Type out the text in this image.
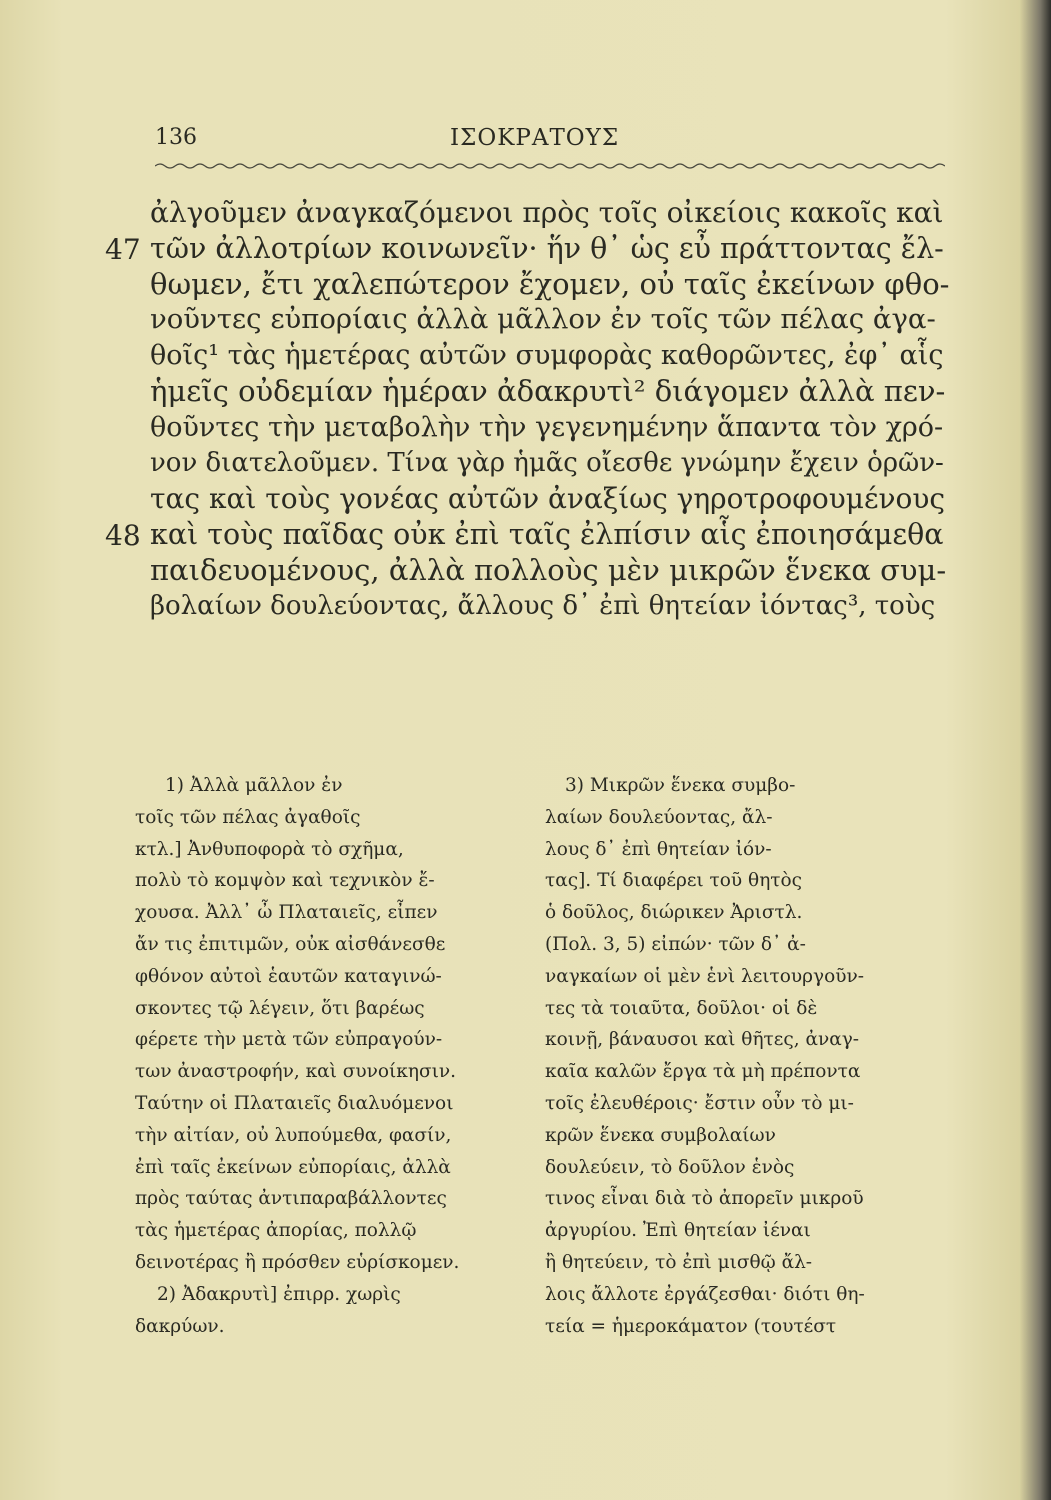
136	ΙΣΟΚΡΑΤΟΥΣ
47
48
ἀλγοῦμεν ἀναγκαζόμενοι πρὸς τοῖς οἰκείοις κακοῖς καὶ
τῶν ἀλλοτρίων κοινωνεῖν· ἥν θ᾽ ὡς εὖ πράττοντας ἔλ-
θωμεν, ἔτι χαλεπώτερον ἔχομεν, οὐ ταῖς ἐκείνων φθο-
νοῦντες εὐπορίαις ἀλλὰ μᾶλλον ἐν τοῖς τῶν πέλας ἀγα-
θοῖς¹ τὰς ἡμετέρας αὐτῶν συμφορὰς καθορῶντες, ἐφ᾽ αἷς
ἡμεῖς οὐδεμίαν ἡμέραν ἀδακρυτὶ² διάγομεν ἀλλὰ πεν-
θοῦντες τὴν μεταβολὴν τὴν γεγενημένην ἅπαντα τὸν χρό-
νον διατελοῦμεν. Τίνα γὰρ ἡμᾶς οἴεσθε γνώμην ἔχειν ὁρῶν-
τας καὶ τοὺς γονέας αὐτῶν ἀναξίως γηροτροφουμένους
καὶ τοὺς παῖδας οὐκ ἐπὶ ταῖς ἐλπίσιν αἷς ἐποιησάμεθα
παιδευομένους, ἀλλὰ πολλοὺς μὲν μικρῶν ἕνεκα συμ-
βολαίων δουλεύοντας, ἄλλους δ᾽ ἐπὶ θητείαν ἰόντας³, τοὺς
1) Ἀλλὰ μᾶλλον ἐν
τοῖς τῶν πέλας ἀγαθοῖς
κτλ.] Ἀνθυποφορὰ τὸ σχῆμα,
πολὺ τὸ κομψὸν καὶ τεχνικὸν ἔ-
χουσα. Ἀλλ᾽ ὦ Πλαταιεῖς, εἶπεν
ἄν τις ἐπιτιμῶν, οὐκ αἰσθάνεσθε
φθόνον αὐτοὶ ἑαυτῶν καταγινώ-
σκοντες τῷ λέγειν, ὅτι βαρέως
φέρετε τὴν μετὰ τῶν εὐπραγούν-
των ἀναστροφήν, καὶ συνοίκησιν.
Ταύτην οἱ Πλαταιεῖς διαλυόμενοι
τὴν αἰτίαν, οὐ λυπούμεθα, φασίν,
ἐπὶ ταῖς ἐκείνων εὐπορίαις, ἀλλὰ
πρὸς ταύτας ἀντιπαραβάλλοντες
τὰς ἡμετέρας ἀπορίας, πολλῷ
δεινοτέρας ἢ πρόσθεν εὑρίσκομεν.
2) Ἀδακρυτὶ] ἐπιρρ. χωρὶς
δακρύων.
3) Μικρῶν ἕνεκα συμβο-
λαίων δουλεύοντας, ἄλ-
λους δ᾽ ἐπὶ θητείαν ἰόν-
τας]. Τί διαφέρει τοῦ θητὸς
ὁ δοῦλος, διώρικεν Ἀριστλ.
(Πολ. 3, 5) εἰπών· τῶν δ᾽ ἀ-
ναγκαίων οἱ μὲν ἑνὶ λειτουργοῦν-
τες τὰ τοιαῦτα, δοῦλοι· οἱ δὲ
κοινῇ, βάναυσοι καὶ θῆτες, ἀναγ-
καῖα καλῶν ἔργα τὰ μὴ πρέποντα
τοῖς ἐλευθέροις· ἔστιν οὖν τὸ μι-
κρῶν ἕνεκα συμβολαίων
δουλεύειν, τὸ δοῦλον ἑνὸς
τινος εἶναι διὰ τὸ ἀπορεῖν μικροῦ
ἀργυρίου. Ἐπὶ θητείαν ἰέναι
ἢ θητεύειν, τὸ ἐπὶ μισθῷ ἄλ-
λοις ἄλλοτε ἐργάζεσθαι· διότι θη-
τεία = ἡμεροκάματον (τουτέστ
